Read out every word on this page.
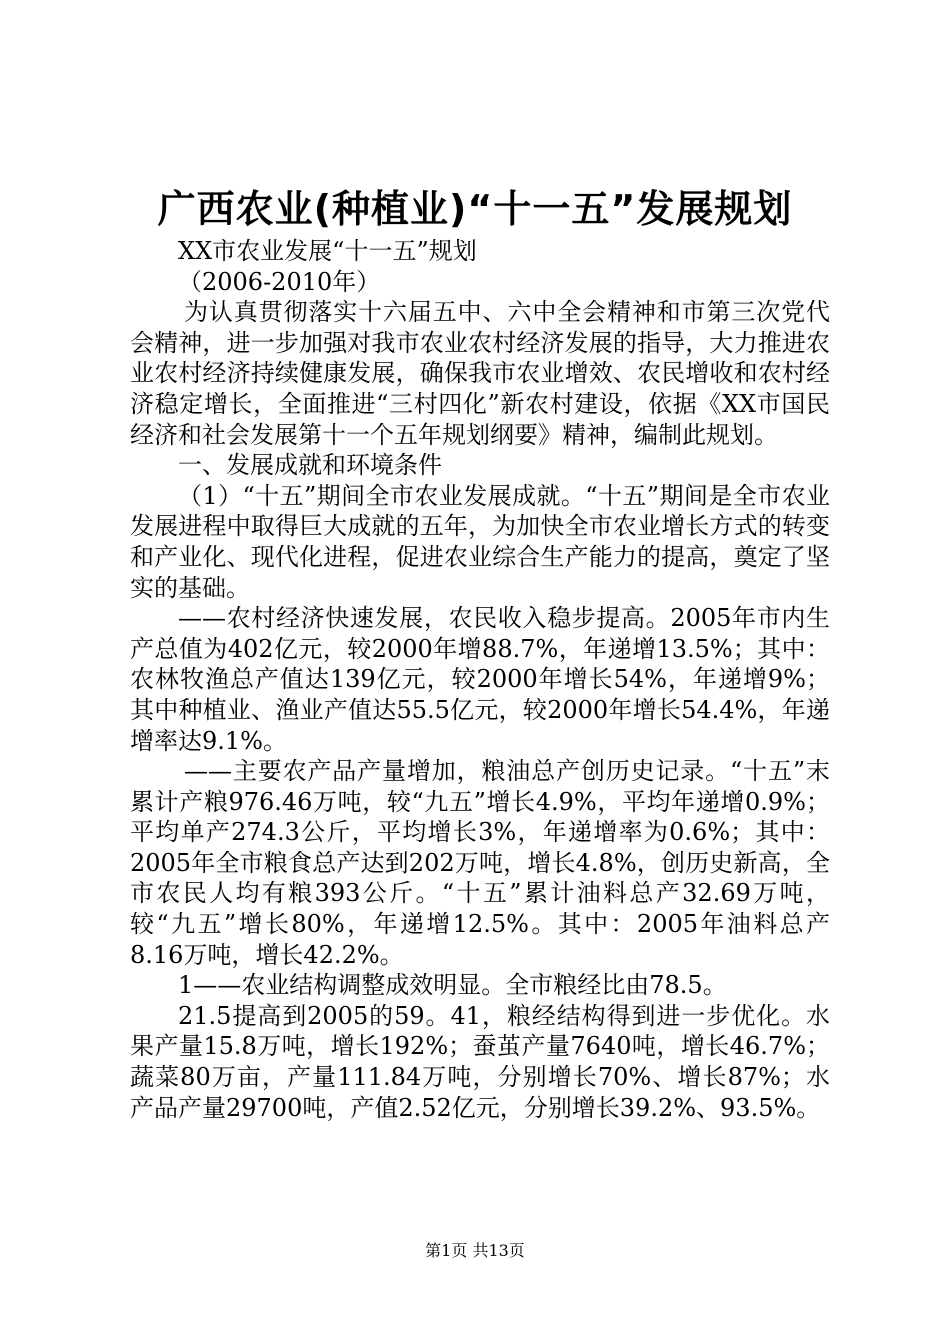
广西农业(种植业)“十一五”发展规划

XX市农业发展“十一五”规划

（2006-2010年）

为认真贯彻落实十六届五中、六中全会精神和市第三次党代会精神，进一步加强对我市农业农村经济发展的指导，大力推进农业农村经济持续健康发展，确保我市农业增效、农民增收和农村经济稳定增长，全面推进“三村四化”新农村建设，依据《XX市国民经济和社会发展第十一个五年规划纲要》精神，编制此规划。

一、发展成就和环境条件

（1）“十五”期间全市农业发展成就。“十五”期间是全市农业发展进程中取得巨大成就的五年，为加快全市农业增长方式的转变和产业化、现代化进程，促进农业综合生产能力的提高，奠定了坚实的基础。

——农村经济快速发展，农民收入稳步提高。2005年市内生产总值为402亿元，较2000年增88.7%，年递增13.5%；其中：农林牧渔总产值达139亿元，较2000年增长54%，年递增9%；其中种植业、渔业产值达55.5亿元，较2000年增长54.4%，年递增率达9.1%。

——主要农产品产量增加，粮油总产创历史记录。“十五”末累计产粮976.46万吨，较“九五”增长4.9%，平均年递增0.9%；平均单产274.3公斤，平均增长3%，年递增率为0.6%；其中：2005年全市粮食总产达到202万吨，增长4.8%，创历史新高，全市农民人均有粮393公斤。“十五”累计油料总产32.69万吨，较“九五”增长80%，年递增12.5%。其中：2005年油料总产8.16万吨，增长42.2%。

1——农业结构调整成效明显。全市粮经比由78.5。

21.5提高到2005的59。41，粮经结构得到进一步优化。水果产量15.8万吨，增长192%；蚕茧产量7640吨，增长46.7%；蔬菜80万亩，产量111.84万吨，分别增长70%、增长87%；水产品产量29700吨，产值2.52亿元，分别增长39.2%、93.5%。

第1页 共13页
